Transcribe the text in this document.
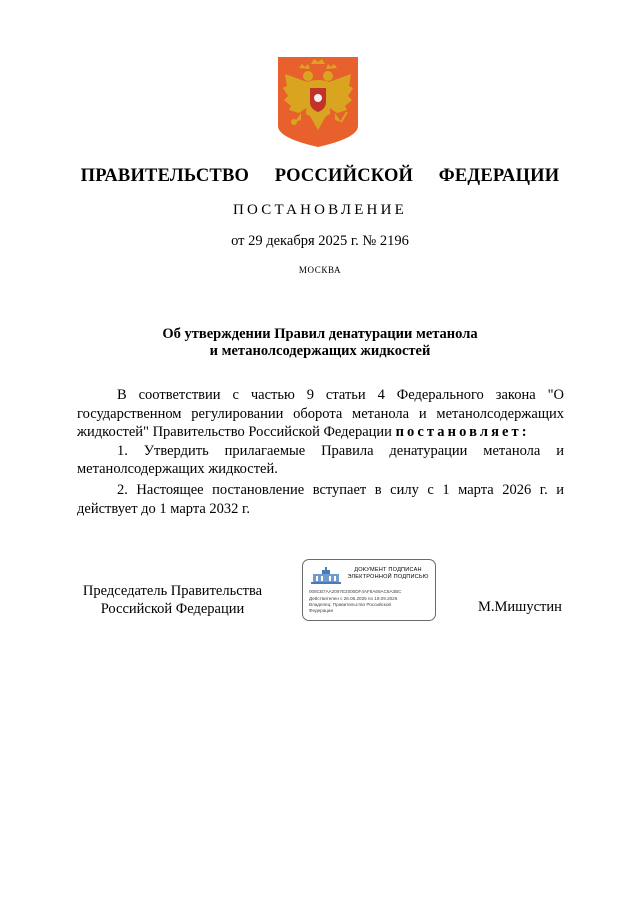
ПРАВИТЕЛЬСТВО  РОССИЙСКОЙ  ФЕДЕРАЦИИ
ПОСТАНОВЛЕНИЕ
от 29 декабря 2025 г. № 2196
МОСКВА
Об утверждении Правил денатурации метанола
и метанолсодержащих жидкостей

В соответствии с частью 9 статьи 4 Федерального закона "О государственном регулировании оборота метанола и метанолсодержащих жидкостей" Правительство Российской Федерации постановляет:

1. Утвердить прилагаемые Правила денатурации метанола и метанолсодержащих жидкостей.

2. Настоящее постановление вступает в силу с 1 марта 2026 г. и действует до 1 марта 2032 г.

Председатель Правительства
Российской Федерации
ДОКУМЕНТ ПОДПИСАН
ЭЛЕКТРОННОЙ ПОДПИСЬЮ
008CB7AA2097E2000DF4AF8A69AC8A3BC
Действителен с 26.06.2025 по 19.09.2026
Владелец: Правительство Российской
Федерации	М.Мишустин
